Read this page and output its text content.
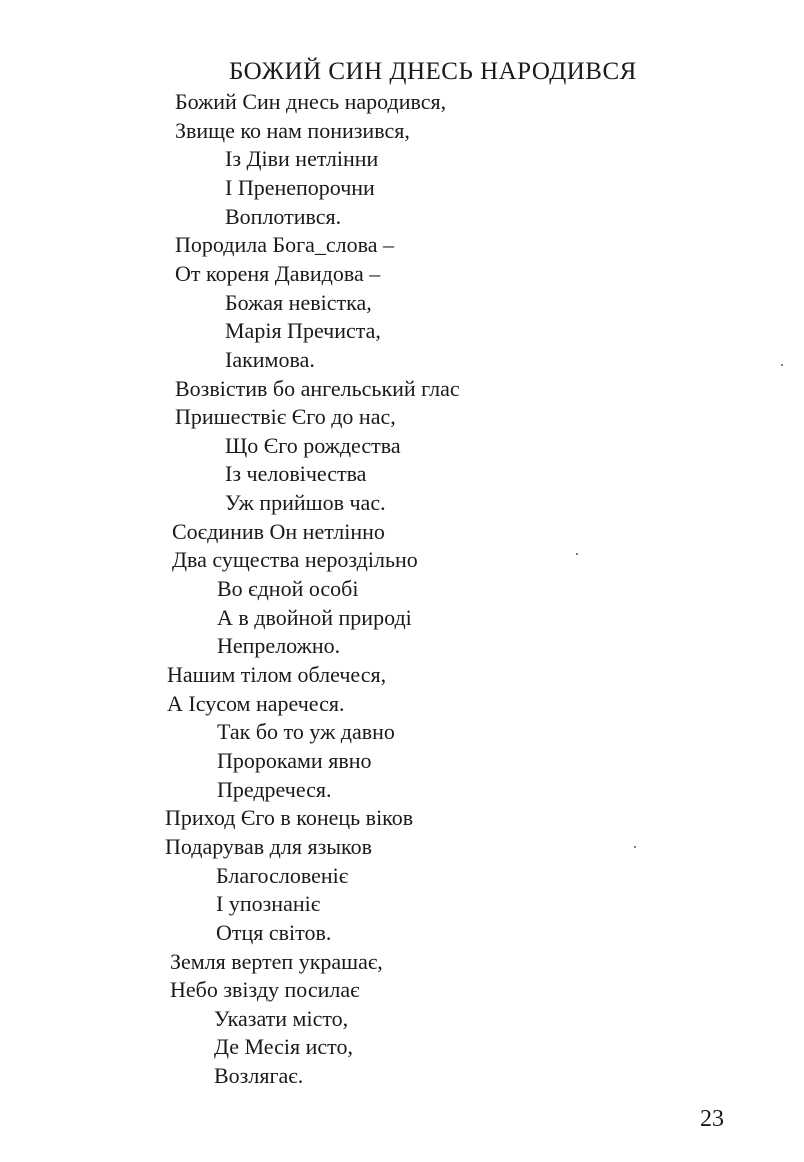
БОЖИЙ СИН ДНЕСЬ НАРОДИВСЯ
Божий Син днесь народився,
Звище ко нам понизився,
Із Діви нетлінни
І Пренепорочни
Воплотився.
Породила Бога_слова –
От кореня Давидова –
Божая невістка,
Марія Пречиста,
Іакимова.
Возвістив бо ангельський глас
Пришествіє Єго до нас,
Що Єго рождества
Із человічества
Уж прийшов час.
Соєдинив Он нетлінно
Два существа нероздільно
Во єдной особі
А в двойной природі
Непреложно.
Нашим тілом облечеся,
А Ісусом наречеся.
Так бо то уж давно
Пророками явно
Предречеся.
Приход Єго в конець віков
Подарував для языков
Благословеніє
І упознаніє
Отця світов.
Земля вертеп украшає,
Небо звізду посилає
Указати місто,
Де Месія исто,
Возлягає.
23
